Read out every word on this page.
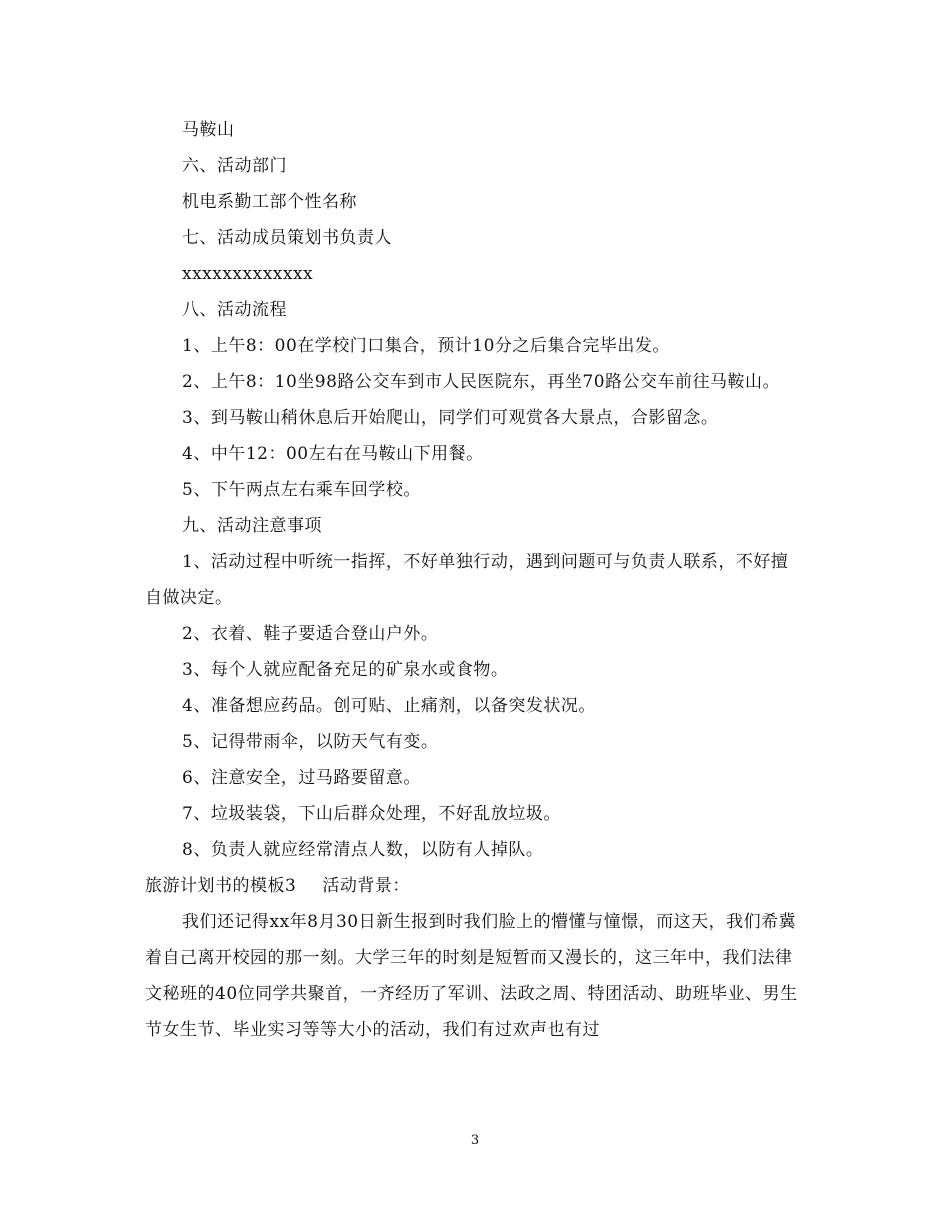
马鞍山

六、活动部门

机电系勤工部个性名称

七、活动成员策划书负责人

xxxxxxxxxxxxx

八、活动流程

1、上午8：00在学校门口集合，预计10分之后集合完毕出发。

2、上午8：10坐98路公交车到市人民医院东，再坐70路公交车前往马鞍山。

3、到马鞍山稍休息后开始爬山，同学们可观赏各大景点，合影留念。

4、中午12：00左右在马鞍山下用餐。

5、下午两点左右乘车回学校。

九、活动注意事项

1、活动过程中听统一指挥，不好单独行动，遇到问题可与负责人联系，不好擅自做决定。

2、衣着、鞋子要适合登山户外。

3、每个人就应配备充足的矿泉水或食物。

4、准备想应药品。创可贴、止痛剂，以备突发状况。

5、记得带雨伞，以防天气有变。

6、注意安全，过马路要留意。

7、垃圾装袋，下山后群众处理，不好乱放垃圾。

8、负责人就应经常清点人数，以防有人掉队。

旅游计划书的模板3 活动背景：

我们还记得xx年8月30日新生报到时我们脸上的懵懂与憧憬，而这天，我们希冀着自己离开校园的那一刻。大学三年的时刻是短暂而又漫长的，这三年中，我们法律文秘班的40位同学共聚首，一齐经历了军训、法政之周、特团活动、助班毕业、男生节女生节、毕业实习等等大小的活动，我们有过欢声也有过

3
